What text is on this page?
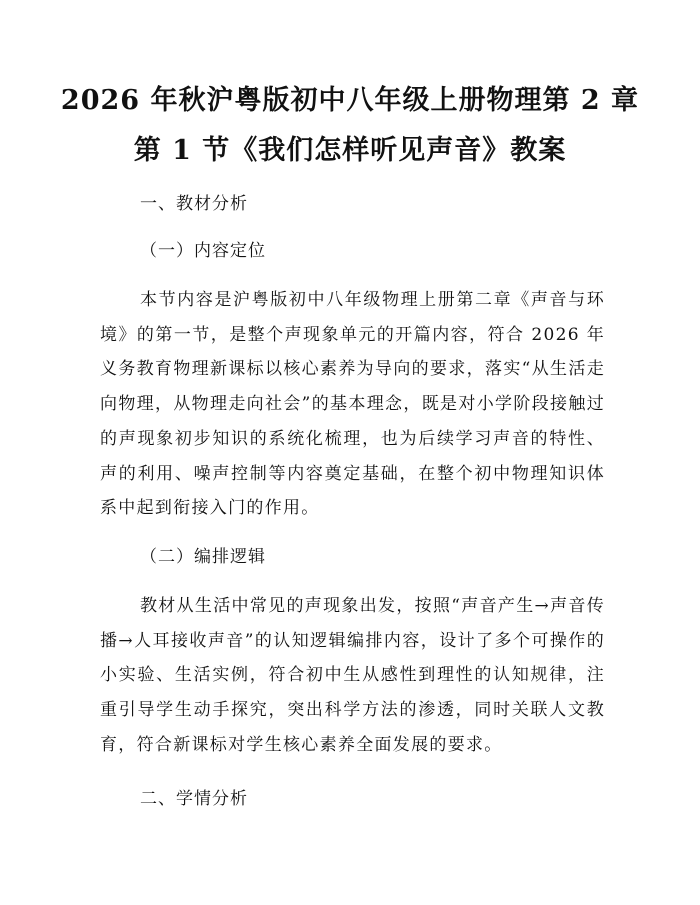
2026 年秋沪粤版初中八年级上册物理第 2 章
第 1 节《我们怎样听见声音》教案
一、教材分析
（一）内容定位
本节内容是沪粤版初中八年级物理上册第二章《声音与环境》的第一节，是整个声现象单元的开篇内容，符合 2026 年义务教育物理新课标以核心素养为导向的要求，落实“从生活走向物理，从物理走向社会”的基本理念，既是对小学阶段接触过的声现象初步知识的系统化梳理，也为后续学习声音的特性、声的利用、噪声控制等内容奠定基础，在整个初中物理知识体系中起到衔接入门的作用。
（二）编排逻辑
教材从生活中常见的声现象出发，按照“声音产生→声音传播→人耳接收声音”的认知逻辑编排内容，设计了多个可操作的小实验、生活实例，符合初中生从感性到理性的认知规律，注重引导学生动手探究，突出科学方法的渗透，同时关联人文教育，符合新课标对学生核心素养全面发展的要求。
二、学情分析
